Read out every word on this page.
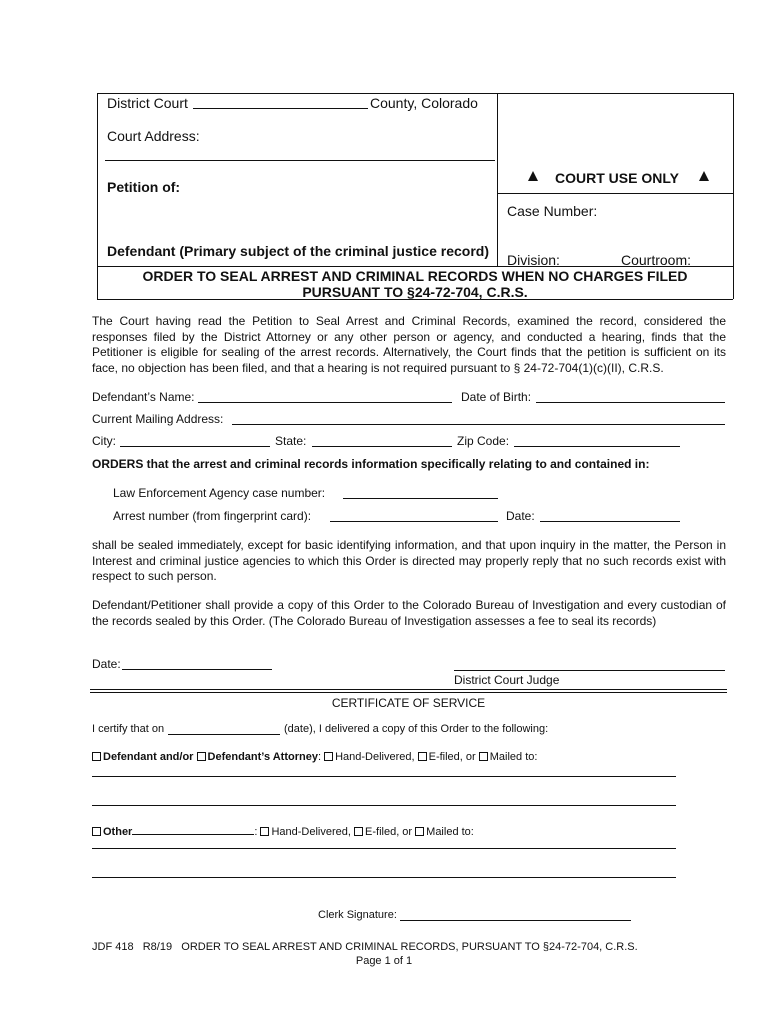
District Court	County, Colorado
Court Address:
Petition of:
Defendant (Primary subject of the criminal justice record)
COURT USE ONLY
Case Number:
Division:	Courtroom:
ORDER TO SEAL ARREST AND CRIMINAL RECORDS WHEN NO CHARGES FILED
PURSUANT TO §24-72-704, C.R.S.
The Court having read the Petition to Seal Arrest and Criminal Records, examined the record, considered the responses filed by the District Attorney or any other person or agency, and conducted a hearing, finds that the Petitioner is eligible for sealing of the arrest records. Alternatively, the Court finds that the petition is sufficient on its face, no objection has been filed, and that a hearing is not required pursuant to § 24-72-704(1)(c)(II), C.R.S.
Defendant’s Name:	Date of Birth:
Current Mailing Address:
City:	State:	Zip Code:
ORDERS that the arrest and criminal records information specifically relating to and contained in:
Law Enforcement Agency case number:
Arrest number (from fingerprint card):	Date:
shall be sealed immediately, except for basic identifying information, and that upon inquiry in the matter, the Person in Interest and criminal justice agencies to which this Order is directed may properly reply that no such records exist with respect to such person.
Defendant/Petitioner shall provide a copy of this Order to the Colorado Bureau of Investigation and every custodian of the records sealed by this Order. (The Colorado Bureau of Investigation assesses a fee to seal its records)
Date:
District Court Judge
CERTIFICATE OF SERVICE
I certify that on	(date), I delivered a copy of this Order to the following:
Defendant and/or Defendant’s Attorney: Hand-Delivered, E-filed, or Mailed to:
Other	: Hand-Delivered, E-filed, or Mailed to:
Clerk Signature:
JDF 418   R8/19   ORDER TO SEAL ARREST AND CRIMINAL RECORDS, PURSUANT TO §24-72-704, C.R.S.
Page 1 of 1
